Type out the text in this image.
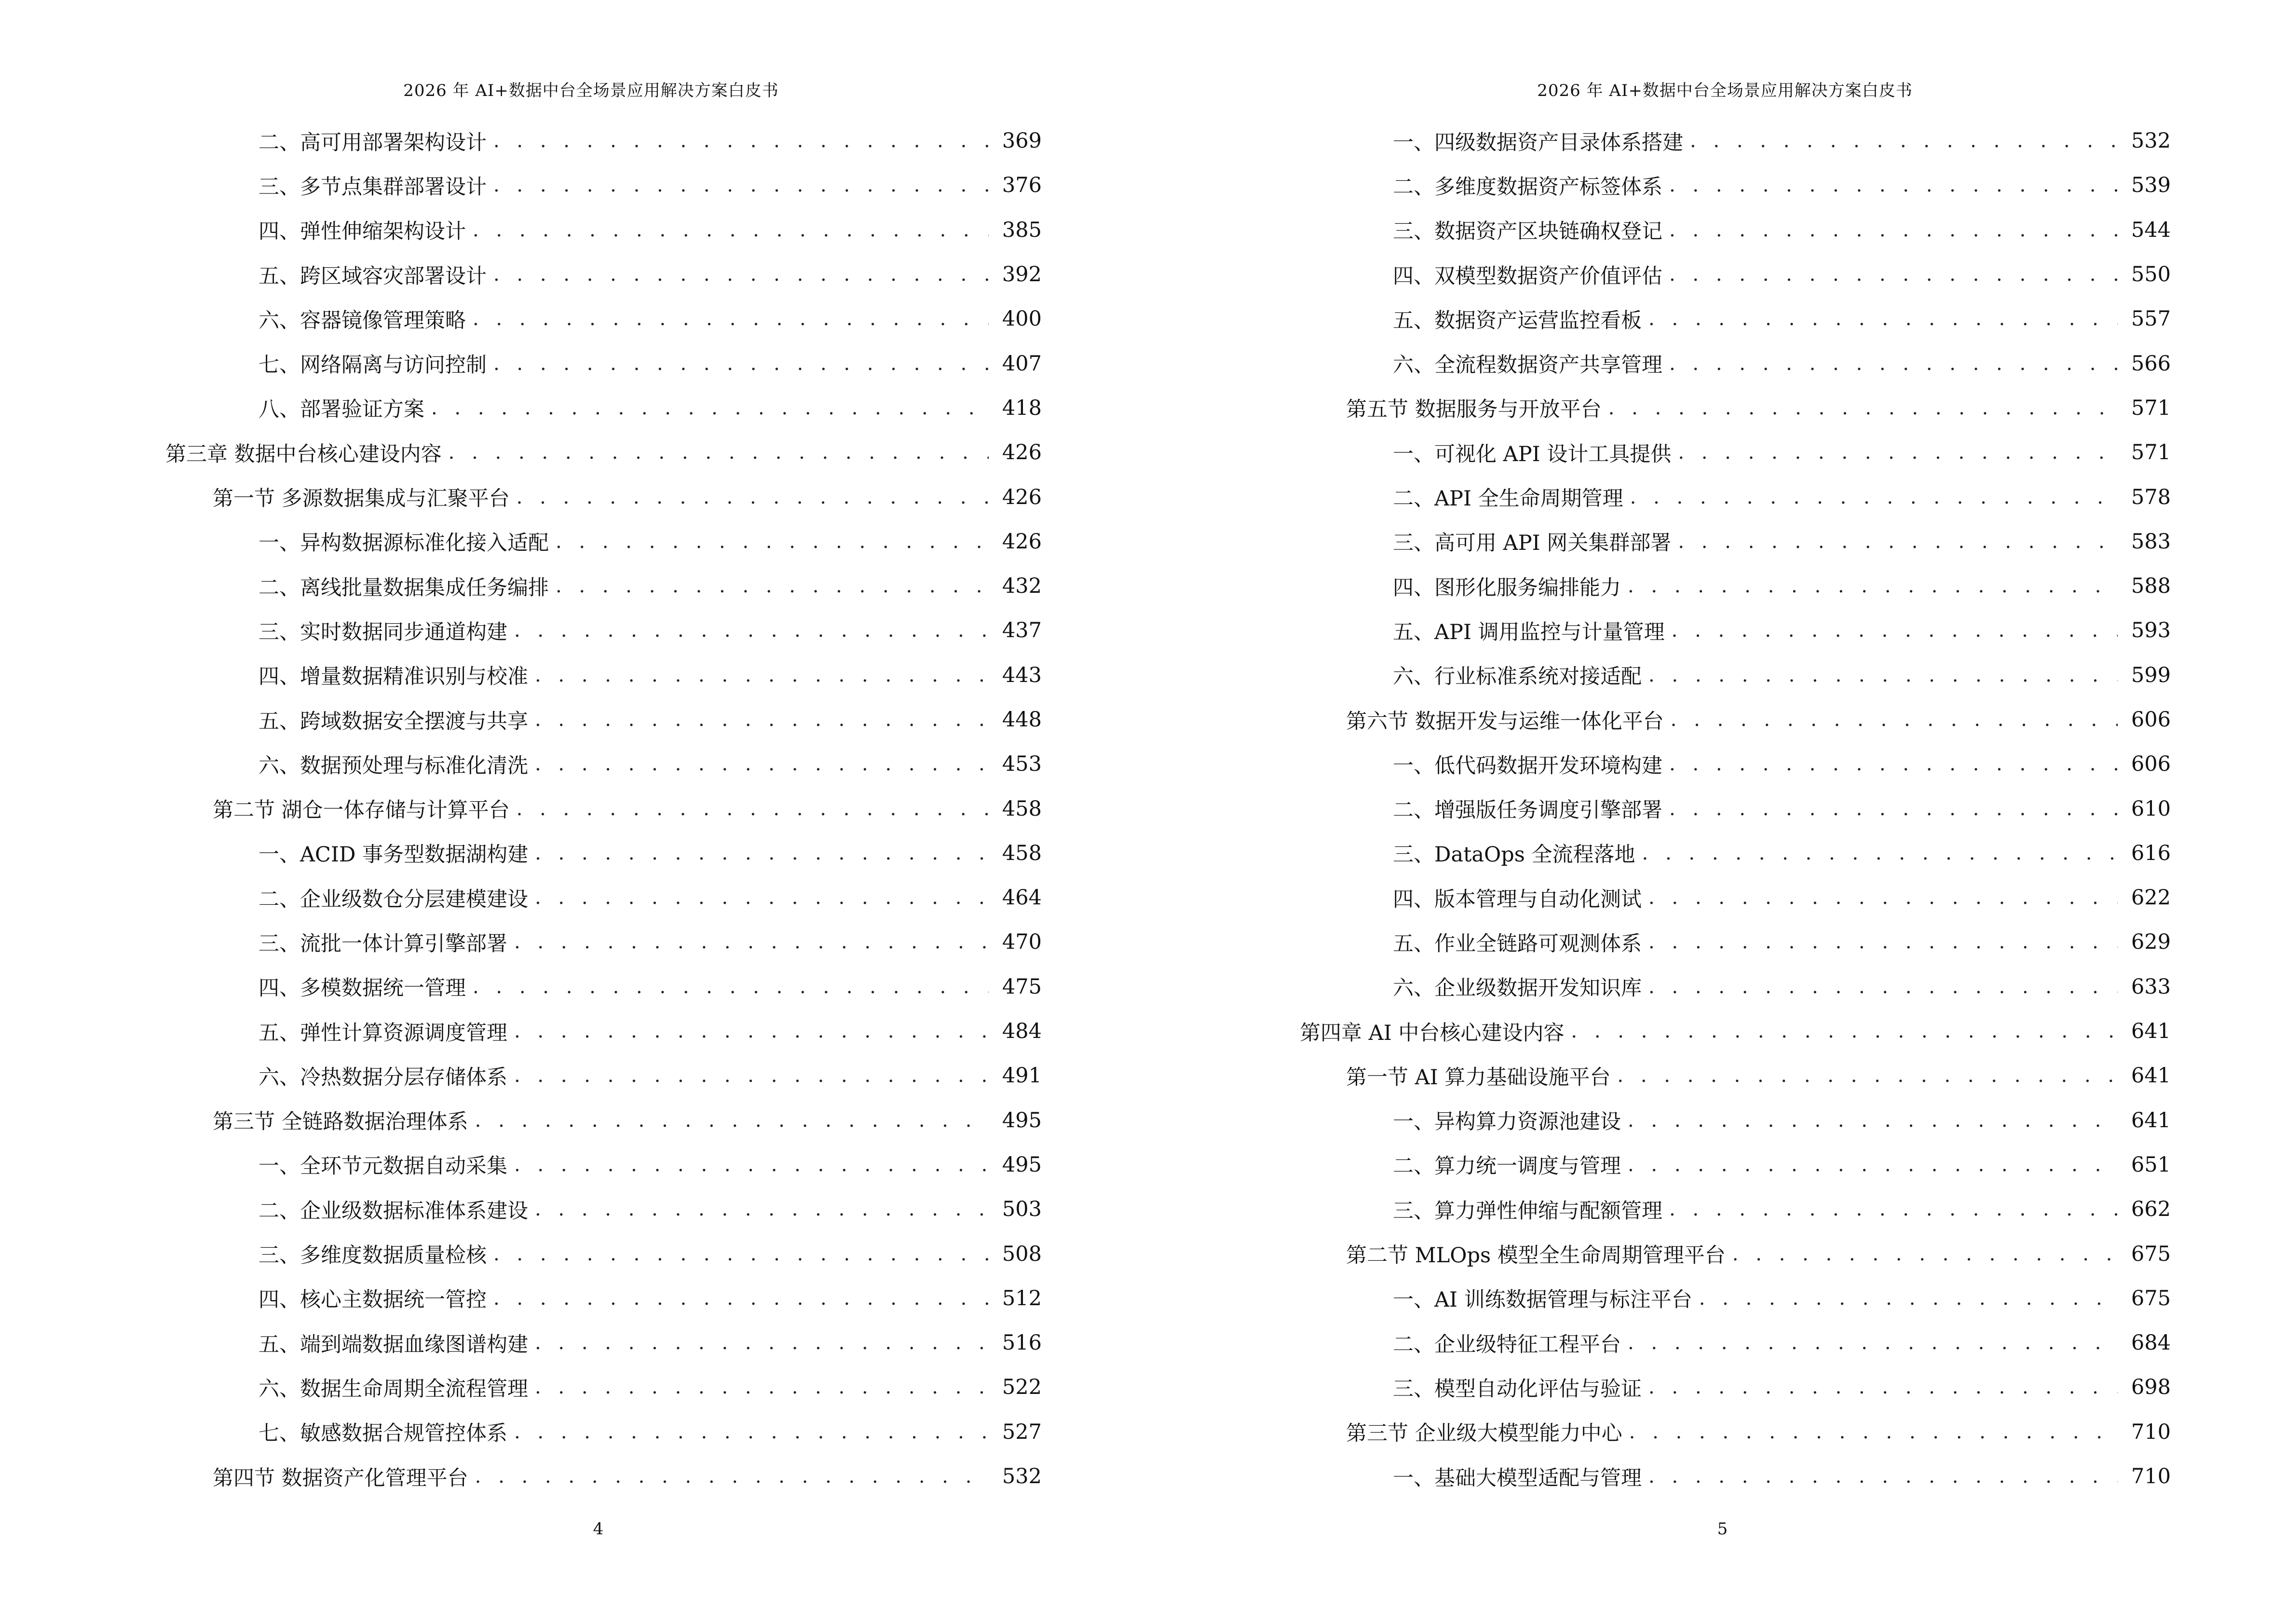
2026 年 AI+数据中台全场景应用解决方案白皮书
二、高可用部署架构设计 . . .	369
三、多节点集群部署设计 . . .	376
四、弹性伸缩架构设计 . . .	385
五、跨区域容灾部署设计 . . .	392
六、容器镜像管理策略 . . .	400
七、网络隔离与访问控制 . . .	407
八、部署验证方案 . . .	418
第三章 数据中台核心建设内容 . . .	426
第一节 多源数据集成与汇聚平台 . . .	426
一、异构数据源标准化接入适配 . . .	426
二、离线批量数据集成任务编排 . . .	432
三、实时数据同步通道构建 . . .	437
四、增量数据精准识别与校准 . . .	443
五、跨域数据安全摆渡与共享 . . .	448
六、数据预处理与标准化清洗 . . .	453
第二节 湖仓一体存储与计算平台 . . .	458
一、ACID 事务型数据湖构建 . . .	458
二、企业级数仓分层建模建设 . . .	464
三、流批一体计算引擎部署 . . .	470
四、多模数据统一管理 . . .	475
五、弹性计算资源调度管理 . . .	484
六、冷热数据分层存储体系 . . .	491
第三节 全链路数据治理体系 . . .	495
一、全环节元数据自动采集 . . .	495
二、企业级数据标准体系建设 . . .	503
三、多维度数据质量检核 . . .	508
四、核心主数据统一管控 . . .	512
五、端到端数据血缘图谱构建 . . .	516
六、数据生命周期全流程管理 . . .	522
七、敏感数据合规管控体系 . . .	527
第四节 数据资产化管理平台 . . .	532
4
2026 年 AI+数据中台全场景应用解决方案白皮书
一、四级数据资产目录体系搭建 . . .	532
二、多维度数据资产标签体系 . . .	539
三、数据资产区块链确权登记 . . .	544
四、双模型数据资产价值评估 . . .	550
五、数据资产运营监控看板 . . .	557
六、全流程数据资产共享管理 . . .	566
第五节 数据服务与开放平台 . . .	571
一、可视化 API 设计工具提供 . . .	571
二、API 全生命周期管理 . . .	578
三、高可用 API 网关集群部署 . . .	583
四、图形化服务编排能力 . . .	588
五、API 调用监控与计量管理 . . .	593
六、行业标准系统对接适配 . . .	599
第六节 数据开发与运维一体化平台 . . .	606
一、低代码数据开发环境构建 . . .	606
二、增强版任务调度引擎部署 . . .	610
三、DataOps 全流程落地 . . .	616
四、版本管理与自动化测试 . . .	622
五、作业全链路可观测体系 . . .	629
六、企业级数据开发知识库 . . .	633
第四章 AI 中台核心建设内容 . . .	641
第一节 AI 算力基础设施平台 . . .	641
一、异构算力资源池建设 . . .	641
二、算力统一调度与管理 . . .	651
三、算力弹性伸缩与配额管理 . . .	662
第二节 MLOps 模型全生命周期管理平台 . . .	675
一、AI 训练数据管理与标注平台 . . .	675
二、企业级特征工程平台 . . .	684
三、模型自动化评估与验证 . . .	698
第三节 企业级大模型能力中心 . . .	710
一、基础大模型适配与管理 . . .	710
5
